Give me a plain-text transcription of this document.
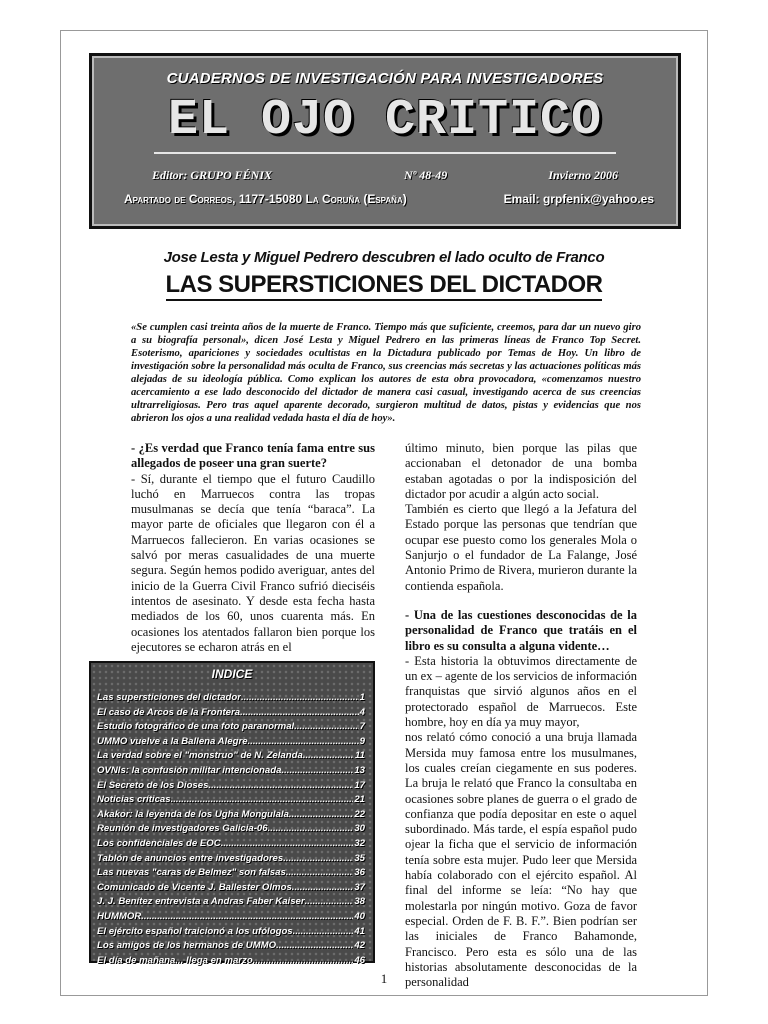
CUADERNOS DE INVESTIGACIÓN PARA INVESTIGADORES
EL OJO CRITICO
Editor: GRUPO FÉNIX	Nº 48-49	Invierno 2006
Apartado de Correos, 1177-15080 La Coruña (España)	Email: grpfenix@yahoo.es
Jose Lesta y Miguel Pedrero descubren el lado oculto de Franco
LAS SUPERSTICIONES DEL DICTADOR
«Se cumplen casi treinta años de la muerte de Franco. Tiempo más que suficiente, creemos, para dar un nuevo giro a su biografía personal», dicen José Lesta y Miguel Pedrero en las primeras líneas de Franco Top Secret. Esoterismo, apariciones y sociedades ocultistas en la Dictadura publicado por Temas de Hoy. Un libro de investigación sobre la personalidad más oculta de Franco, sus creencias más secretas y las actuaciones políticas más alejadas de su ideología pública. Como explican los autores de esta obra provocadora, «comenzamos nuestro acercamiento a ese lado desconocido del dictador de manera casi casual, investigando acerca de sus creencias ultrarreligiosas. Pero tras aquel aparente decorado, surgieron multitud de datos, pistas y evidencias que nos abrieron los ojos a una realidad vedada hasta el día de hoy».

- ¿Es verdad que Franco tenía fama entre sus allegados de poseer una gran suerte?

- Sí, durante el tiempo que el futuro Caudillo luchó en Marruecos contra las tropas musulmanas se decía que tenía “baraca”. La mayor parte de oficiales que llegaron con él a Marruecos fallecieron. En varias ocasiones se salvó por meras casualidades de una muerte segura. Según hemos podido averiguar, antes del inicio de la Guerra Civil Franco sufrió dieciséis intentos de asesinato. Y desde esta fecha hasta mediados de los 60, unos cuarenta más. En ocasiones los atentados fallaron bien porque los ejecutores se echaron atrás en el

último minuto, bien porque las pilas que accionaban el detonador de una bomba estaban agotadas o por la indisposición del dictador por acudir a algún acto social.

También es cierto que llegó a la Jefatura del Estado porque las personas que tendrían que ocupar ese puesto como los generales Mola o Sanjurjo o el fundador de La Falange, José Antonio Primo de Rivera, murieron durante la contienda española.

- Una de las cuestiones desconocidas de la personalidad de Franco que tratáis en el libro es su consulta a alguna vidente…

- Esta historia la obtuvimos directamente de un ex – agente de los servicios de información franquistas que sirvió algunos años en el protectorado español de Marruecos. Este hombre, hoy en día ya muy mayor,

nos relató cómo conoció a una bruja llamada Mersida muy famosa entre los musulmanes, los cuales creían ciegamente en sus poderes. La bruja le relató que Franco la consultaba en ocasiones sobre planes de guerra o el grado de confianza que podía depositar en este o aquel subordinado. Más tarde, el espía español pudo ojear la ficha que el servicio de información tenía sobre esta mujer. Pudo leer que Mersida había colaborado con el ejército español. Al final del informe se leía: “No hay que molestarla por ningún motivo. Goza de favor especial. Orden de F. B. F.”. Bien podrían ser las iniciales de Franco Bahamonde, Francisco. Pero esta es sólo una de las historias absolutamente desconocidas de la personalidad

INDICE
Las supersticiones del dictador .....	1
El caso de Arcos de la Frontera .....	4
Estudio fotográfico de una foto paranormal .....	7
UMMO vuelve a la Ballena Alegre .....	9
La verdad sobre el "monstruo" de N. Zelanda .....	11
OVNIs: la confusión militar intencionada .....	13
El Secreto de los Dioses .....	17
Noticias críticas .....	21
Akakor: la leyenda de los Ugha Mongulala .....	22
Reunión de investigadores Galicia-06 .....	30
Los confidenciales de EOC .....	32
Tablón de anuncios entre investigadores .....	35
Las nuevas "caras de Belmez" son falsas .....	36
Comunicado de Vicente J. Ballester Olmos .....	37
J. J. Benítez entrevista a Andras Faber Kaiser .....	38
HUMMOR .....	40
El ejército español traicionó a los ufólogos .....	41
Los amigos de los hermanos de UMMO .....	42
El día de mañana... llega en marzo .....	46
1
